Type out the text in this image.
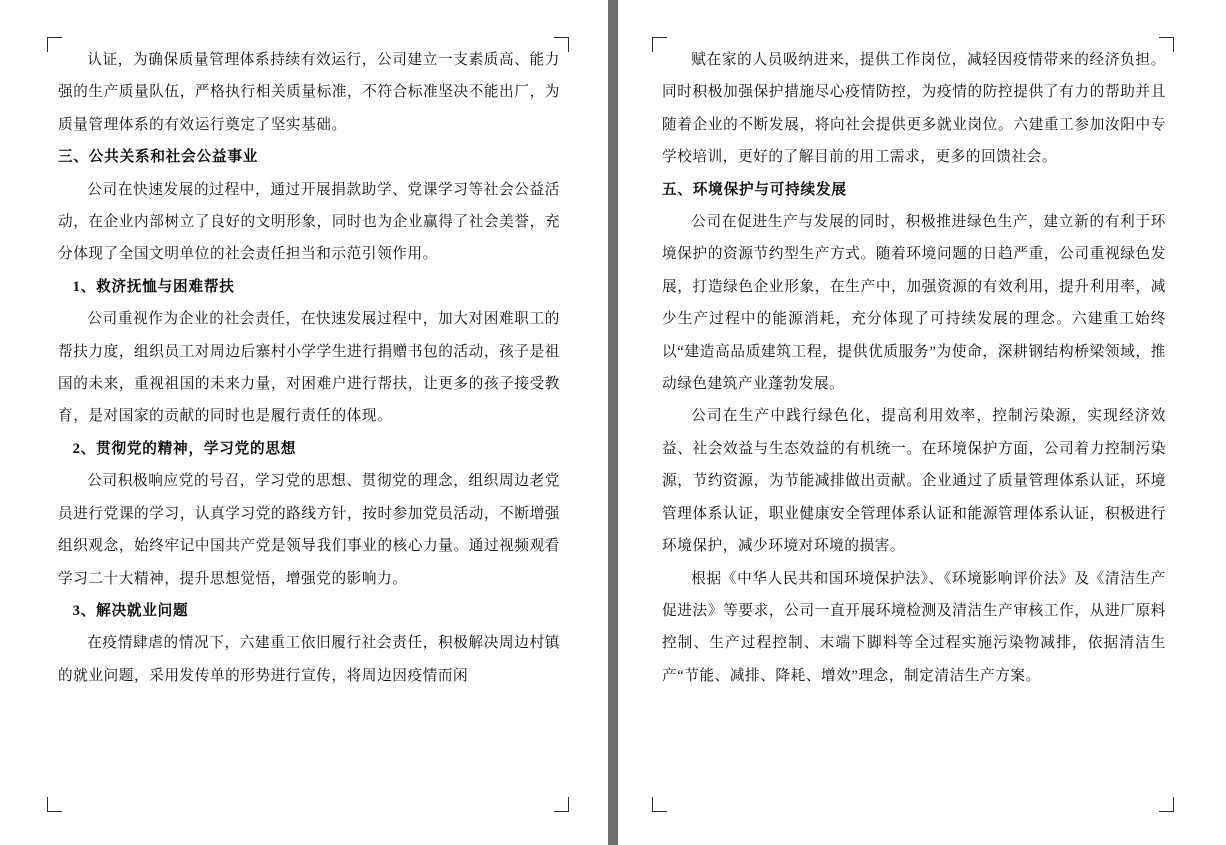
认证，为确保质量管理体系持续有效运行，公司建立一支素质高、能力强的生产质量队伍，严格执行相关质量标准，不符合标准坚决不能出厂，为质量管理体系的有效运行奠定了坚实基础。

三、公共关系和社会公益事业

公司在快速发展的过程中，通过开展捐款助学、党课学习等社会公益活动，在企业内部树立了良好的文明形象，同时也为企业赢得了社会美誉，充分体现了全国文明单位的社会责任担当和示范引领作用。

1、救济抚恤与困难帮扶

公司重视作为企业的社会责任，在快速发展过程中，加大对困难职工的帮扶力度，组织员工对周边后寨村小学学生进行捐赠书包的活动，孩子是祖国的未来，重视祖国的未来力量，对困难户进行帮扶，让更多的孩子接受教育，是对国家的贡献的同时也是履行责任的体现。

2、贯彻党的精神，学习党的思想

公司积极响应党的号召，学习党的思想、贯彻党的理念，组织周边老党员进行党课的学习，认真学习党的路线方针，按时参加党员活动，不断增强组织观念，始终牢记中国共产党是领导我们事业的核心力量。通过视频观看学习二十大精神，提升思想觉悟，增强党的影响力。

3、解决就业问题

在疫情肆虐的情况下，六建重工依旧履行社会责任，积极解决周边村镇的就业问题，采用发传单的形势进行宣传，将周边因疫情而闲

赋在家的人员吸纳进来，提供工作岗位，减轻因疫情带来的经济负担。同时积极加强保护措施尽心疫情防控，为疫情的防控提供了有力的帮助并且随着企业的不断发展，将向社会提供更多就业岗位。六建重工参加汝阳中专学校培训，更好的了解目前的用工需求，更多的回馈社会。

五、环境保护与可持续发展

公司在促进生产与发展的同时，积极推进绿色生产，建立新的有利于环境保护的资源节约型生产方式。随着环境问题的日趋严重，公司重视绿色发展，打造绿色企业形象，在生产中，加强资源的有效利用，提升利用率，减少生产过程中的能源消耗，充分体现了可持续发展的理念。六建重工始终以“建造高品质建筑工程，提供优质服务”为使命，深耕钢结构桥梁领域，推动绿色建筑产业蓬勃发展。

公司在生产中践行绿色化，提高利用效率，控制污染源，实现经济效益、社会效益与生态效益的有机统一。在环境保护方面，公司着力控制污染源，节约资源，为节能减排做出贡献。企业通过了质量管理体系认证，环境管理体系认证，职业健康安全管理体系认证和能源管理体系认证，积极进行环境保护，减少环境对环境的损害。

根据《中华人民共和国环境保护法》、《环境影响评价法》及《清洁生产促进法》等要求，公司一直开展环境检测及清洁生产审核工作，从进厂原料控制、生产过程控制、末端下脚料等全过程实施污染物减排，依据清洁生产“节能、减排、降耗、增效”理念，制定清洁生产方案。
